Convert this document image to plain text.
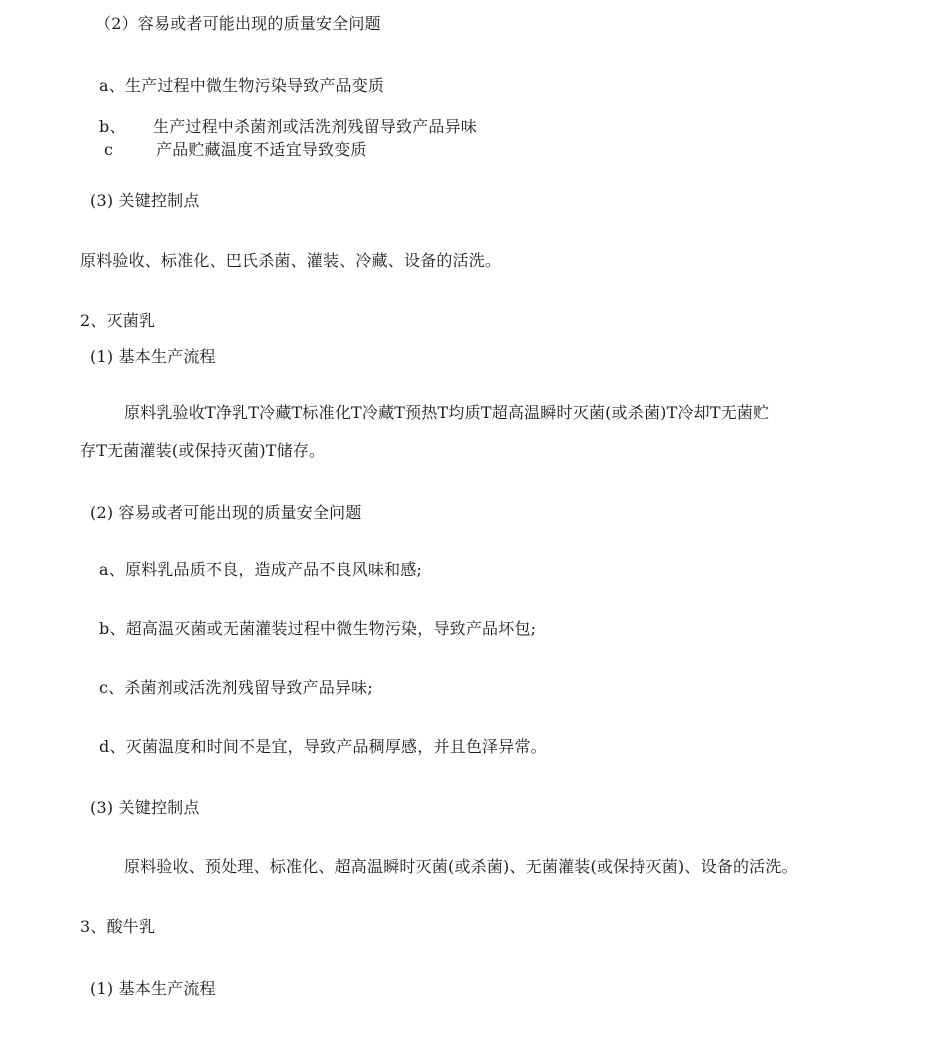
（2）容易或者可能出现的质量安全问题
a、生产过程中微生物污染导致产品变质
b、 生产过程中杀菌剂或活洗剂残留导致产品异味
c	产品贮藏温度不适宜导致变质
(3) 关键控制点
原料验收、标准化、巴氏杀菌、灌装、冷藏、设备的活洗。
2、灭菌乳
(1) 基本生产流程
原料乳验收T净乳T冷藏T标准化T冷藏T预热T均质T超高温瞬时灭菌(或杀菌)T冷却T无菌贮
存T无菌灌装(或保持灭菌)T储存。
(2) 容易或者可能出现的质量安全问题
a、原料乳品质不良，造成产品不良风味和感;
b、超高温灭菌或无菌灌装过程中微生物污染，导致产品坏包;
c、杀菌剂或活洗剂残留导致产品异味;
d、灭菌温度和时间不是宜，导致产品稠厚感，并且色泽异常。
(3) 关键控制点
原料验收、预处理、标准化、超高温瞬时灭菌(或杀菌)、无菌灌装(或保持灭菌)、设备的活洗。
3、酸牛乳
(1) 基本生产流程
